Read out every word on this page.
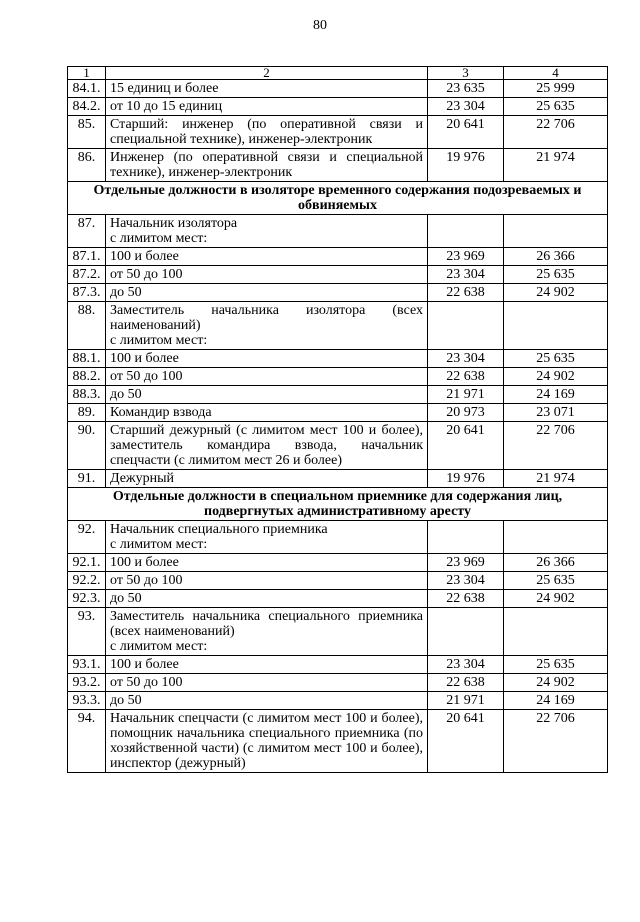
80
1	2	3	4
84.1.	15 единиц и более	23 635	25 999
84.2.	от 10 до 15 единиц	23 304	25 635
85.	Старший: инженер (по оперативной связи и специальной технике), инженер-электроник	20 641	22 706
86.	Инженер (по оперативной связи и специальной технике), инженер-электроник	19 976	21 974
Отдельные должности в изоляторе временного содержания подозреваемых и обвиняемых			
87.	Начальник изолятора
с лимитом мест:		

87.1.	100 и более	23 969	26 366
87.2.	от 50 до 100	23 304	25 635
87.3.	до 50	22 638	24 902
88.	Заместитель начальника изолятора (всех наименований)
с лимитом мест:		

88.1.	100 и более	23 304	25 635
88.2.	от 50 до 100	22 638	24 902
88.3.	до 50	21 971	24 169
89.	Командир взвода	20 973	23 071
90.	Старший дежурный (с лимитом мест 100 и более), заместитель командира взвода, начальник спецчасти (с лимитом мест 26 и более)	20 641	22 706
91.	Дежурный	19 976	21 974
Отдельные должности в специальном приемнике для содержания лиц, подвергнутых административному аресту			
92.	Начальник специального приемника
с лимитом мест:		

92.1.	100 и более	23 969	26 366
92.2.	от 50 до 100	23 304	25 635
92.3.	до 50	22 638	24 902
93.	Заместитель начальника специального приемника (всех наименований)
с лимитом мест:		

93.1.	100 и более	23 304	25 635
93.2.	от 50 до 100	22 638	24 902
93.3.	до 50	21 971	24 169
94.	Начальник спецчасти (с лимитом мест 100 и более), помощник начальника специального приемника (по хозяйственной части) (с лимитом мест 100 и более), инспектор (дежурный)	20 641	22 706
